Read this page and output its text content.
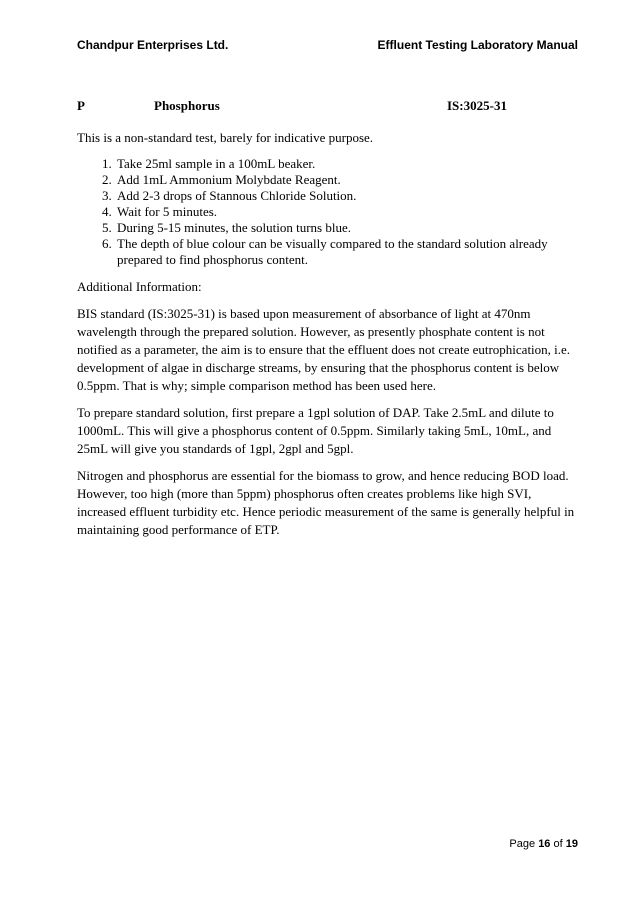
Chandpur Enterprises Ltd.	Effluent Testing Laboratory Manual
P	Phosphorus	IS:3025-31

This is a non-standard test, barely for indicative purpose.

1. Take 25ml sample in a 100mL beaker.
2. Add 1mL Ammonium Molybdate Reagent.
3. Add 2-3 drops of Stannous Chloride Solution.
4. Wait for 5 minutes.
5. During 5-15 minutes, the solution turns blue.
6. The depth of blue colour can be visually compared to the standard solution already prepared to find phosphorus content.

Additional Information:

BIS standard (IS:3025-31) is based upon measurement of absorbance of light at 470nm wavelength through the prepared solution. However, as presently phosphate content is not notified as a parameter, the aim is to ensure that the effluent does not create eutrophication, i.e. development of algae in discharge streams, by ensuring that the phosphorus content is below 0.5ppm. That is why; simple comparison method has been used here.

To prepare standard solution, first prepare a 1gpl solution of DAP. Take 2.5mL and dilute to 1000mL. This will give a phosphorus content of 0.5ppm. Similarly taking 5mL, 10mL, and 25mL will give you standards of 1gpl, 2gpl and 5gpl.

Nitrogen and phosphorus are essential for the biomass to grow, and hence reducing BOD load. However, too high (more than 5ppm) phosphorus often creates problems like high SVI, increased effluent turbidity etc. Hence periodic measurement of the same is generally helpful in maintaining good performance of ETP.

Page 16 of 19
